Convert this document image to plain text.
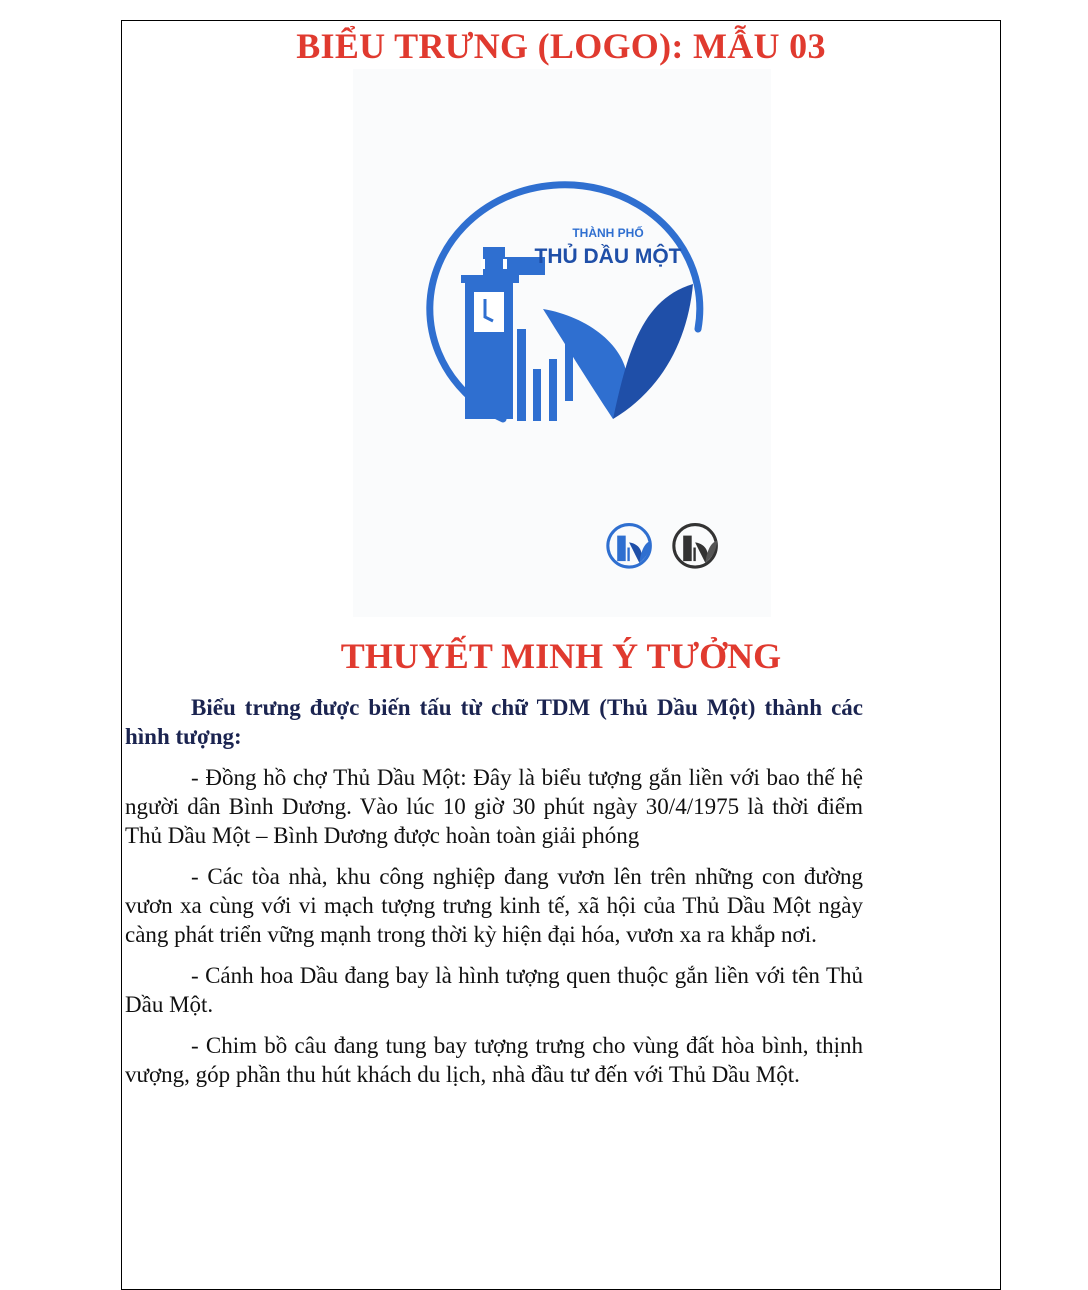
BIỂU TRƯNG (LOGO): MẪU 03
THÀNH PHỐ
THỦ DẦU MỘT
THUYẾT MINH Ý TƯỞNG

Biểu trưng được biến tấu từ chữ TDM (Thủ Dầu Một) thành các hình tượng:

- Đồng hồ chợ Thủ Dầu Một: Đây là biểu tượng gắn liền với bao thế hệ người dân Bình Dương. Vào lúc 10 giờ 30 phút ngày 30/4/1975 là thời điểm Thủ Dầu Một – Bình Dương được hoàn toàn giải phóng

- Các tòa nhà, khu công nghiệp đang vươn lên trên những con đường vươn xa cùng với vi mạch tượng trưng kinh tế, xã hội của Thủ Dầu Một ngày càng phát triển vững mạnh trong thời kỳ hiện đại hóa, vươn xa ra khắp nơi.

- Cánh hoa Dầu đang bay là hình tượng quen thuộc gắn liền với tên Thủ Dầu Một.

- Chim bồ câu đang tung bay tượng trưng cho vùng đất hòa bình, thịnh vượng, góp phần thu hút khách du lịch, nhà đầu tư đến với Thủ Dầu Một.
